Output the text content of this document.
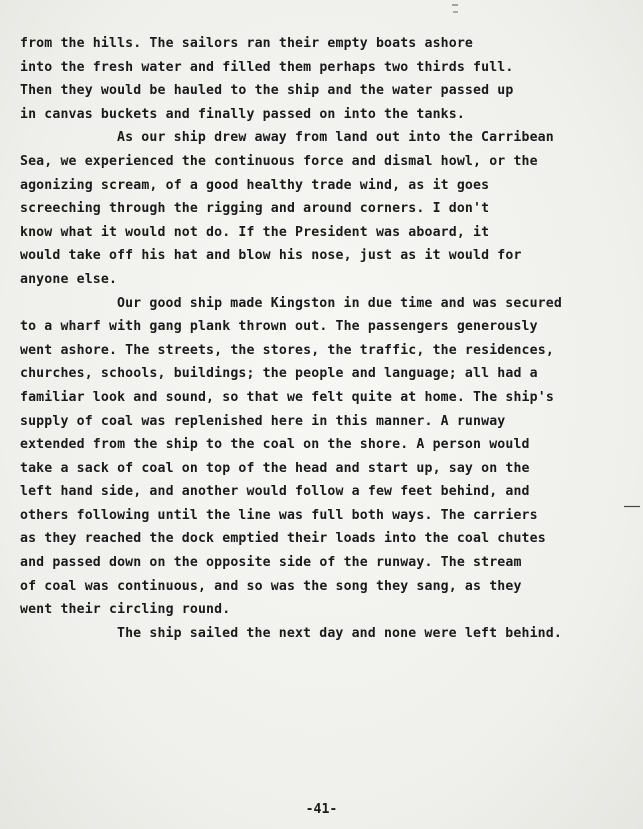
from the hills. The sailors ran their empty boats ashore
into the fresh water and filled them perhaps two thirds full.
Then they would be hauled to the ship and the water passed up
in canvas buckets and finally passed on into the tanks.
As our ship drew away from land out into the Carribean
Sea, we experienced the continuous force and dismal howl, or the
agonizing scream, of a good healthy trade wind, as it goes
screeching through the rigging and around corners. I don't
know what it would not do. If the President was aboard, it
would take off his hat and blow his nose, just as it would for
anyone else.
Our good ship made Kingston in due time and was secured
to a wharf with gang plank thrown out. The passengers generously
went ashore. The streets, the stores, the traffic, the residences,
churches, schools, buildings; the people and language; all had a
familiar look and sound, so that we felt quite at home. The ship's
supply of coal was replenished here in this manner. A runway
extended from the ship to the coal on the shore. A person would
take a sack of coal on top of the head and start up, say on the
left hand side, and another would follow a few feet behind, and
others following until the line was full both ways. The carriers
as they reached the dock emptied their loads into the coal chutes
and passed down on the opposite side of the runway. The stream
of coal was continuous, and so was the song they sang, as they
went their circling round.
The ship sailed the next day and none were left behind.
-41-
